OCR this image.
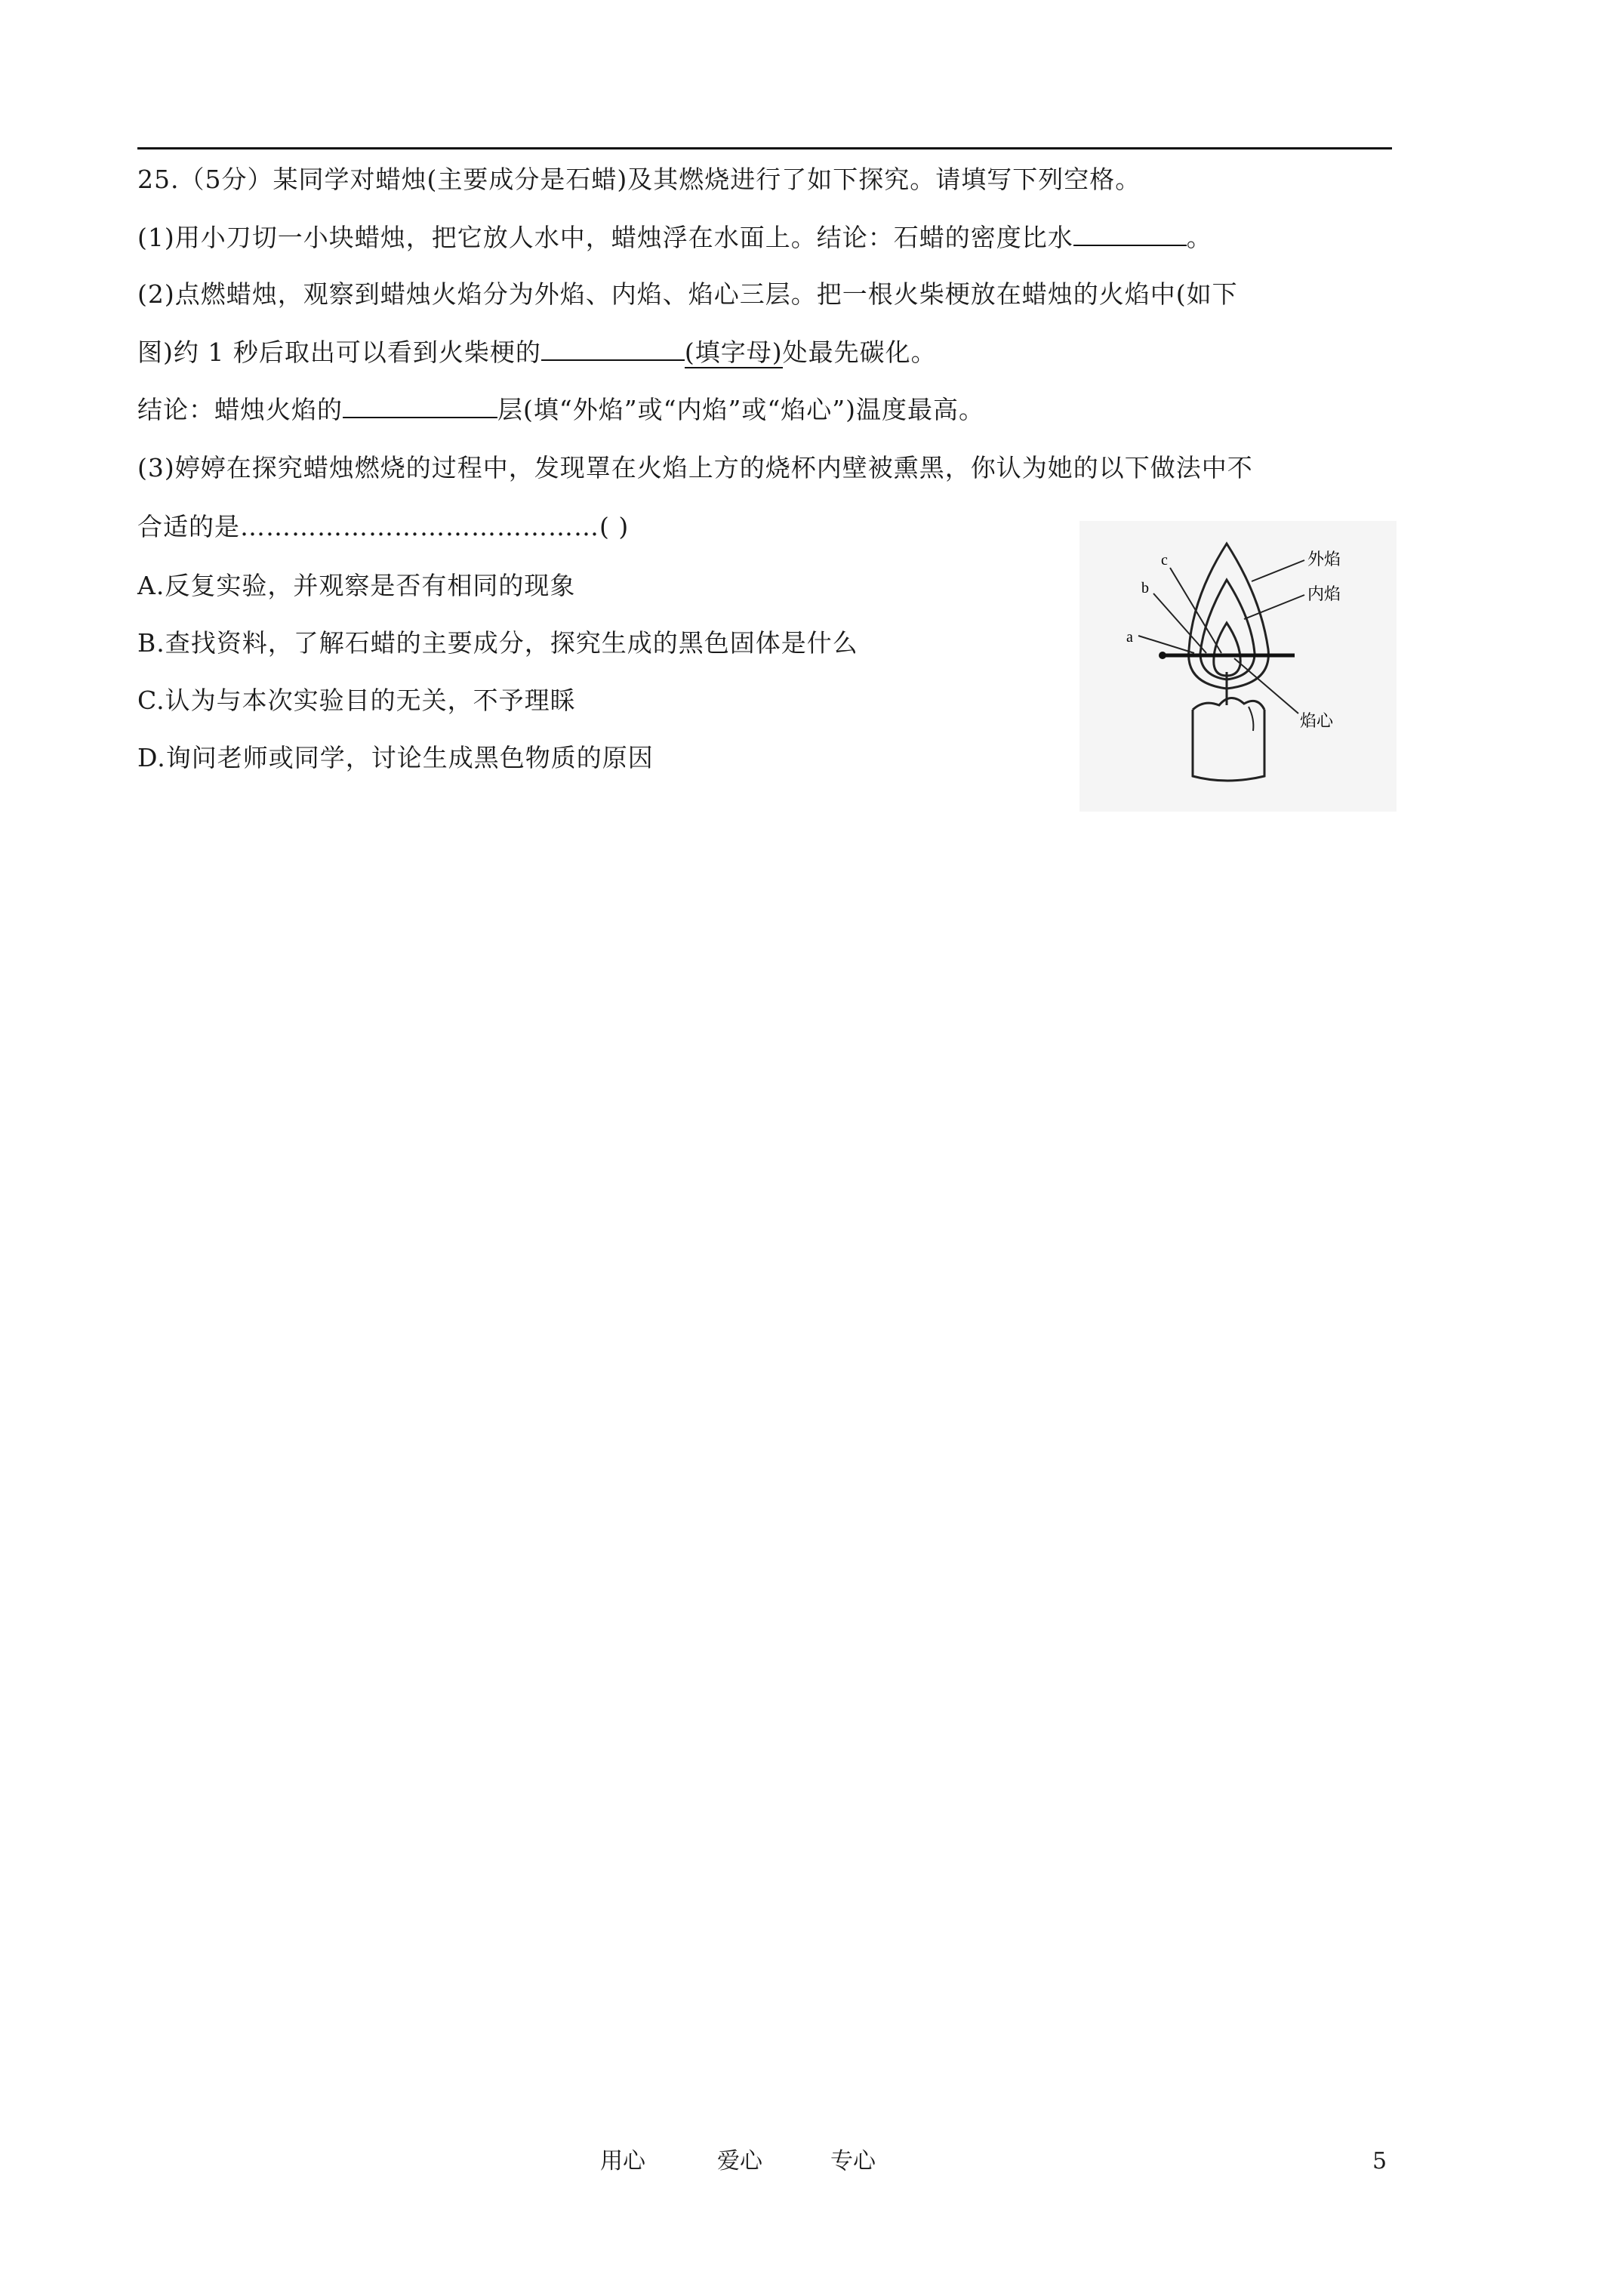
25.（5分）某同学对蜡烛(主要成分是石蜡)及其燃烧进行了如下探究。请填写下列空格。
(1)用小刀切一小块蜡烛，把它放人水中，蜡烛浮在水面上。结论：石蜡的密度比水	。
(2)点燃蜡烛，观察到蜡烛火焰分为外焰、内焰、焰心三层。把一根火柴梗放在蜡烛的火焰中(如下
图)约 1 秒后取出可以看到火柴梗的	(填字母)处最先碳化。
结论：蜡烛火焰的	层(填“外焰”或“内焰”或“焰心”)温度最高。
(3)婷婷在探究蜡烛燃烧的过程中，发现罩在火焰上方的烧杯内壁被熏黑，你认为她的以下做法中不
合适的是……………………………………( )
A.反复实验，并观察是否有相同的现象
B.查找资料，了解石蜡的主要成分，探究生成的黑色固体是什么
C.认为与本次实验目的无关，不予理睬
D.询问老师或同学，讨论生成黑色物质的原因
a
b
c	外焰
内焰
焰心
用心	爱心	专心	5
